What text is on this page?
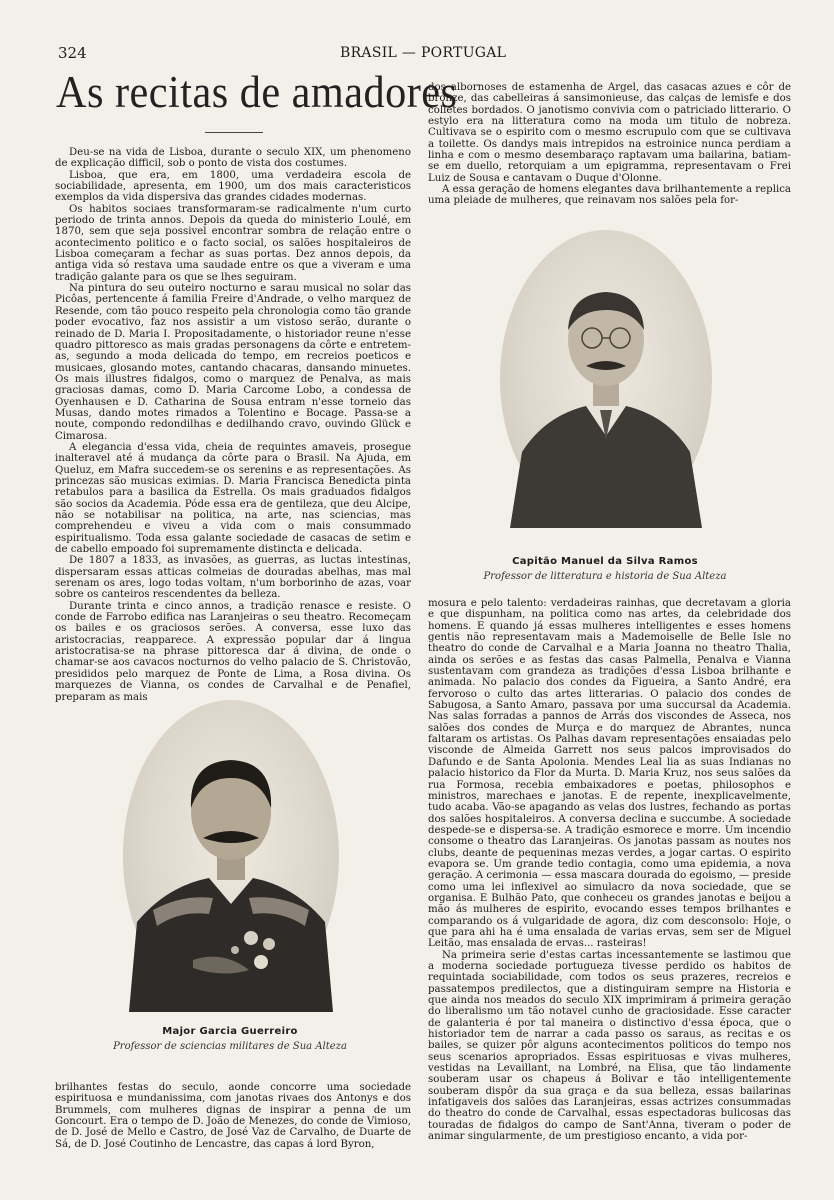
324	BRASIL — PORTUGAL
As recitas de amadores

Deu-se na vida de Lisboa, durante o seculo XIX, um phenomeno de explicação difficil, sob o ponto de vista dos costumes.

Lisboa, que era, em 1800, uma verdadeira escola de sociabilidade, apresenta, em 1900, um dos mais caracteristicos exemplos da vida dispersiva das grandes cidades modernas.

Os habitos sociaes transformaram-se radicalmente n'um curto periodo de trinta annos. Depois da queda do ministerio Loulé, em 1870, sem que seja possivel encontrar sombra de relação entre o acontecimento politico e o facto social, os salões hospitaleiros de Lisboa começaram a fechar as suas portas. Dez annos depois, da antiga vida só restava uma saudade entre os que a viveram e uma tradição galante para os que se lhes seguiram.

Na pintura do seu outeiro nocturno e sarau musical no solar das Picôas, pertencente á familia Freire d'Andrade, o velho marquez de Resende, com tão pouco respeito pela chronologia como tão grande poder evocativo, faz nos assistir a um vistoso serão, durante o reinado de D. Maria I. Propositadamente, o historiador reune n'esse quadro pittoresco as mais gradas personagens da côrte e entretem-as, segundo a moda delicada do tempo, em recreios poeticos e musicaes, glosando motes, cantando chacaras, dansando minuetes. Os mais illustres fidalgos, como o marquez de Penalva, as mais graciosas damas, como D. Maria Carcome Lobo, a condessa de Oyenhausen e D. Catharina de Sousa entram n'esse torneio das Musas, dando motes rimados a Tolentino e Bocage. Passa-se a noute, compondo redondilhas e dedilhando cravo, ouvindo Glück e Cimarosa.

A elegancia d'essa vida, cheia de requintes amaveis, prosegue inalteravel até á mudança da côrte para o Brasil. Na Ajuda, em Queluz, em Mafra succedem-se os serenins e as representações. As princezas são musicas eximias. D. Maria Francisca Benedicta pinta retabulos para a basilica da Estrella. Os mais graduados fidalgos são socios da Academia. Póde essa era de gentileza, que deu Alcipe, não se notabilisar na politica, na arte, nas sciencias, mas comprehendeu e viveu a vida com o mais consummado espiritualismo. Toda essa galante sociedade de casacas de setim e de cabello empoado foi supremamente distincta e delicada.

De 1807 a 1833, as invasões, as guerras, as luctas intestinas, dispersaram essas atticas colmeias de douradas abelhas, mas mal serenam os ares, logo todas voltam, n'um borborinho de azas, voar sobre os canteiros rescendentes da belleza.

Durante trinta e cinco annos, a tradição renasce e resiste. O conde de Farrobo edifica nas Laranjeiras o seu theatro. Recomeçam os bailes e os graciosos serões. A conversa, esse luxo das aristocracias, reapparece. A expressão popular dar á lingua aristocratisa-se na phrase pittoresca dar á divina, de onde o chamar-se aos cavacos nocturnos do velho palacio de S. Christovão, presididos pelo marquez de Ponte de Lima, a Rosa divina. Os marquezes de Vianna, os condes de Carvalhal e de Penafiel, preparam as mais

dos albornoses de estamenha de Argel, das casacas azues e côr de bronze, das cabelleiras á sansimonieuse, das calças de lemisfe e dos colletes bordados. O janotismo convivia com o patriciado litterario. O estylo era na litteratura como na moda um titulo de nobreza. Cultivava se o espirito com o mesmo escrupulo com que se cultivava a toilette. Os dandys mais intrepidos na estroinice nunca perdiam a linha e com o mesmo desembaraço raptavam uma bailarina, batiam-se em duello, retorquiam a um epigramma, representavam o Frei Luiz de Sousa e cantavam o Duque d'Olonne.

A essa geração de homens elegantes dava brilhantemente a replica uma pleiade de mulheres, que reinavam nos salões pela for-

Capitão Manuel da Silva Ramos
Professor de litteratura e historia de Sua Alteza

mosura e pelo talento: verdadeiras rainhas, que decretavam a gloria e que dispunham, na politica como nas artes, da celebridade dos homens. E quando já essas mulheres intelligentes e esses homens gentis não representavam mais a Mademoiselle de Belle Isle no theatro do conde de Carvalhal e a Maria Joanna no theatro Thalia, ainda os serões e as festas das casas Palmella, Penalva e Vianna sustentavam com grandeza as tradições d'essa Lisboa brilhante e animada. No palacio dos condes da Figueira, a Santo André, era fervoroso o culto das artes litterarias. O palacio dos condes de Sabugosa, a Santo Amaro, passava por uma succursal da Academia. Nas salas forradas a pannos de Arrás dos viscondes de Asseca, nos salões dos condes de Murça e do marquez de Abrantes, nunca faltaram os artistas. Os Palhas davam representações ensaiadas pelo visconde de Almeida Garrett nos seus palcos improvisados do Dafundo e de Santa Apolonia. Mendes Leal lia as suas Indianas no palacio historico da Flor da Murta. D. Maria Kruz, nos seus salões da rua Formosa, recebia embaixadores e poetas, philosophos e ministros, marechaes e janotas. E de repente, inexplicavelmente, tudo acaba. Vão-se apagando as velas dos lustres, fechando as portas dos salões hospitaleiros. A conversa declina e succumbe. A sociedade despede-se e dispersa-se. A tradição esmorece e morre. Um incendio consome o theatro das Laranjeiras. Os janotas passam as noutes nos clubs, deante de pequeninas mezas verdes, a jogar cartas. O espirito evapora se. Um grande tedio contagia, como uma epidemia, a nova geração. A cerimonia — essa mascara dourada do egoismo, — preside como uma lei inflexivel ao simulacro da nova sociedade, que se organisa. E Bulhão Pato, que conheceu os grandes janotas e beijou a mão ás mulheres de espirito, evocando esses tempos brilhantes e comparando os á vulgaridade de agora, diz com desconsolo: Hoje, o que para ahi ha é uma ensalada de varias ervas, sem ser de Miguel Leitão, mas ensalada de ervas... rasteiras!

Na primeira serie d'estas cartas incessantemente se lastimou que a moderna sociedade portugueza tivesse perdido os habitos de requintada sociabilidade, com todos os seus prazeres, recreios e passatempos predilectos, que a distinguiram sempre na Historia e que ainda nos meados do seculo XIX imprimiram á primeira geração do liberalismo um tão notavel cunho de graciosidade. Esse caracter de galanteria é por tal maneira o distinctivo d'essa época, que o historiador tem de narrar a cada passo os saraus, as recitas e os bailes, se quizer pôr alguns acontecimentos politicos do tempo nos seus scenarios apropriados. Essas espirituosas e vivas mulheres, vestidas na Levaillant, na Lombré, na Elisa, que tão lindamente souberam usar os chapeus á Bolivar e tão intelligentemente souberam dispôr da sua graça e da sua belleza, essas bailarinas infatigaveis dos salões das Laranjeiras, essas actrizes consummadas do theatro do conde de Carvalhal, essas espectadoras bulicosas das touradas de fidalgos do campo de Sant'Anna, tiveram o poder de animar singularmente, de um prestigioso encanto, a vida por-

Major Garcia Guerreiro
Professor de sciencias militares de Sua Alteza

brilhantes festas do seculo, aonde concorre uma sociedade espirituosa e mundanissima, com janotas rivaes dos Antonys e dos Brummels, com mulheres dignas de inspirar a penna de um Goncourt. Era o tempo de D. João de Menezes, do conde de Vimioso, de D. José de Mello e Castro, de José Vaz de Carvalho, de Duarte de Sá, de D. José Coutinho de Lencastre, das capas á lord Byron,
